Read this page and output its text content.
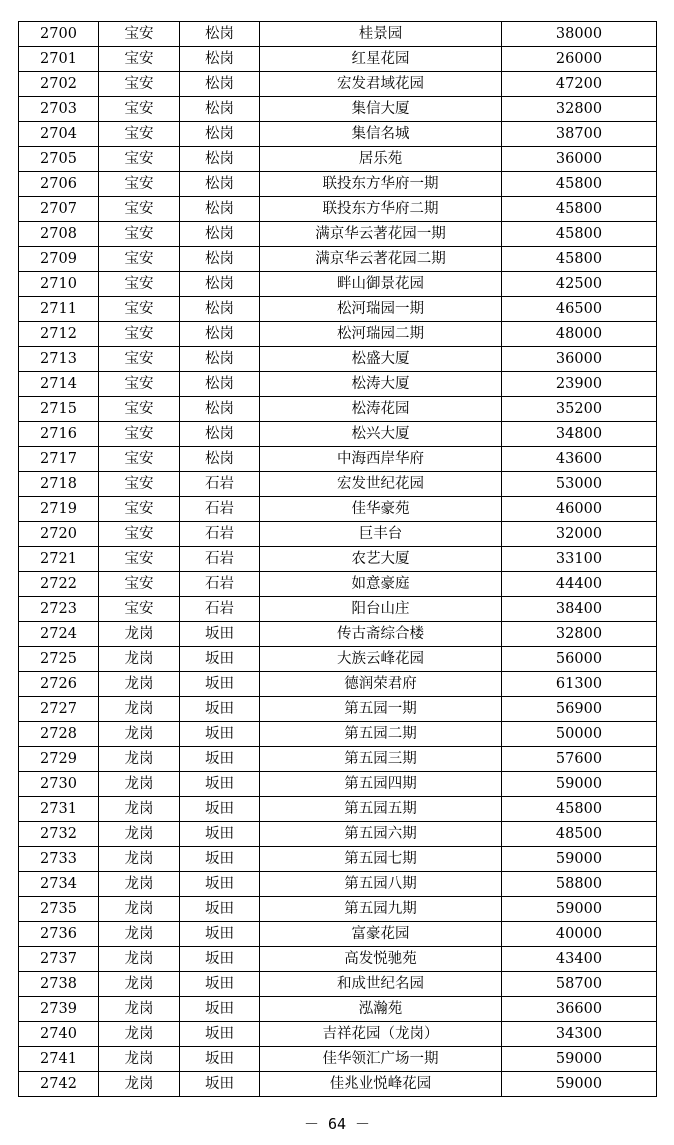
2700	宝安	松岗	桂景园	38000
2701	宝安	松岗	红星花园	26000
2702	宝安	松岗	宏发君域花园	47200
2703	宝安	松岗	集信大厦	32800
2704	宝安	松岗	集信名城	38700
2705	宝安	松岗	居乐苑	36000
2706	宝安	松岗	联投东方华府一期	45800
2707	宝安	松岗	联投东方华府二期	45800
2708	宝安	松岗	满京华云著花园一期	45800
2709	宝安	松岗	满京华云著花园二期	45800
2710	宝安	松岗	畔山御景花园	42500
2711	宝安	松岗	松河瑞园一期	46500
2712	宝安	松岗	松河瑞园二期	48000
2713	宝安	松岗	松盛大厦	36000
2714	宝安	松岗	松涛大厦	23900
2715	宝安	松岗	松涛花园	35200
2716	宝安	松岗	松兴大厦	34800
2717	宝安	松岗	中海西岸华府	43600
2718	宝安	石岩	宏发世纪花园	53000
2719	宝安	石岩	佳华豪苑	46000
2720	宝安	石岩	巨丰台	32000
2721	宝安	石岩	农艺大厦	33100
2722	宝安	石岩	如意豪庭	44400
2723	宝安	石岩	阳台山庄	38400
2724	龙岗	坂田	传古斋综合楼	32800
2725	龙岗	坂田	大族云峰花园	56000
2726	龙岗	坂田	德润荣君府	61300
2727	龙岗	坂田	第五园一期	56900
2728	龙岗	坂田	第五园二期	50000
2729	龙岗	坂田	第五园三期	57600
2730	龙岗	坂田	第五园四期	59000
2731	龙岗	坂田	第五园五期	45800
2732	龙岗	坂田	第五园六期	48500
2733	龙岗	坂田	第五园七期	59000
2734	龙岗	坂田	第五园八期	58800
2735	龙岗	坂田	第五园九期	59000
2736	龙岗	坂田	富豪花园	40000
2737	龙岗	坂田	高发悦驰苑	43400
2738	龙岗	坂田	和成世纪名园	58700
2739	龙岗	坂田	泓瀚苑	36600
2740	龙岗	坂田	吉祥花园（龙岗）	34300
2741	龙岗	坂田	佳华领汇广场一期	59000
2742	龙岗	坂田	佳兆业悦峰花园	59000
－ 64 －
